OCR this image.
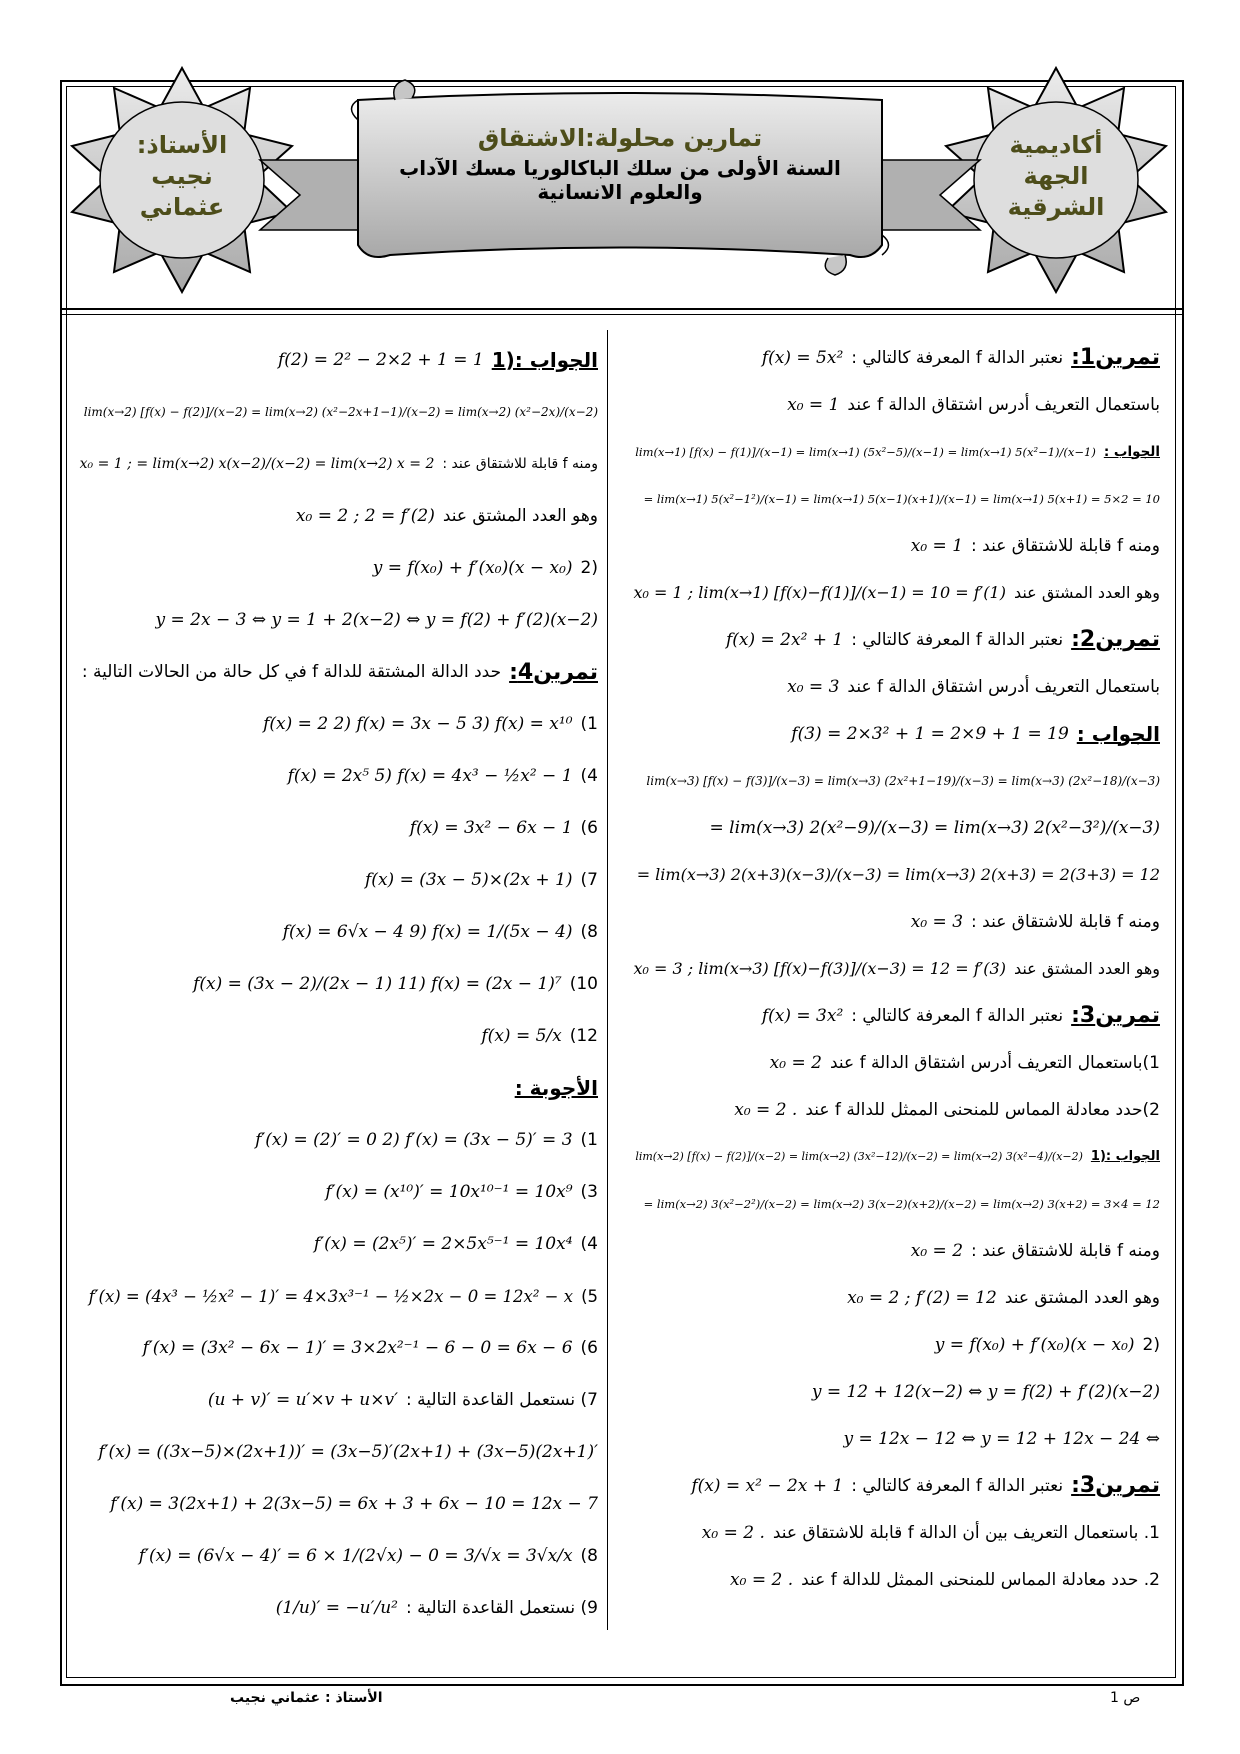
الأستاذ:
نجيب
عثماني
أكاديمية
الجهة
الشرقية
تمارين محلولة:الاشتقاق
السنة الأولى من سلك الباكالوريا مسك الآداب
والعلوم الانسانية
تمرين1:
نعتبر الدالة f المعرفة كالتالي :
f(x) = 5x²
باستعمال التعريف أدرس اشتقاق الدالة f عند
x₀ = 1
الجواب :
lim(x→1) [f(x) − f(1)]/(x−1) = lim(x→1) (5x²−5)/(x−1) = lim(x→1) 5(x²−1)/(x−1)
= lim(x→1) 5(x²−1²)/(x−1) = lim(x→1) 5(x−1)(x+1)/(x−1) = lim(x→1) 5(x+1) = 5×2 = 10
ومنه f قابلة للاشتقاق عند :
x₀ = 1
وهو العدد المشتق عند
x₀ = 1 ; lim(x→1) [f(x)−f(1)]/(x−1) = 10 = f′(1)
تمرين2:
نعتبر الدالة f المعرفة كالتالي :
f(x) = 2x² + 1
باستعمال التعريف أدرس اشتقاق الدالة f عند
x₀ = 3
الجواب :
f(3) = 2×3² + 1 = 2×9 + 1 = 19
lim(x→3) [f(x) − f(3)]/(x−3) = lim(x→3) (2x²+1−19)/(x−3) = lim(x→3) (2x²−18)/(x−3)
= lim(x→3) 2(x²−9)/(x−3) = lim(x→3) 2(x²−3²)/(x−3)
= lim(x→3) 2(x+3)(x−3)/(x−3) = lim(x→3) 2(x+3) = 2(3+3) = 12
ومنه f قابلة للاشتقاق عند :
x₀ = 3
وهو العدد المشتق عند
x₀ = 3 ; lim(x→3) [f(x)−f(3)]/(x−3) = 12 = f′(3)
تمرين3:
نعتبر الدالة f المعرفة كالتالي :
f(x) = 3x²
1)باستعمال التعريف أدرس اشتقاق الدالة f عند
x₀ = 2
2)حدد معادلة المماس للمنحنى الممثل للدالة f عند
x₀ = 2 .
الجواب :(1
lim(x→2) [f(x) − f(2)]/(x−2) = lim(x→2) (3x²−12)/(x−2) = lim(x→2) 3(x²−4)/(x−2)
= lim(x→2) 3(x²−2²)/(x−2) = lim(x→2) 3(x−2)(x+2)/(x−2) = lim(x→2) 3(x+2) = 3×4 = 12
ومنه f قابلة للاشتقاق عند :
x₀ = 2
وهو العدد المشتق عند
x₀ = 2 ; f′(2) = 12
(2
y = f(x₀) + f′(x₀)(x − x₀)
y = 12 + 12(x−2) ⇔ y = f(2) + f′(2)(x−2)
y = 12x − 12 ⇔ y = 12 + 12x − 24 ⇔
تمرين3:
نعتبر الدالة f المعرفة كالتالي :
f(x) = x² − 2x + 1
1. باستعمال التعريف بين أن الدالة f قابلة للاشتقاق عند
x₀ = 2 .
2. حدد معادلة المماس للمنحنى الممثل للدالة f عند
x₀ = 2 .
الجواب :(1
f(2) = 2² − 2×2 + 1 = 1
lim(x→2) [f(x) − f(2)]/(x−2) = lim(x→2) (x²−2x+1−1)/(x−2) = lim(x→2) (x²−2x)/(x−2)
ومنه f قابلة للاشتقاق عند :
x₀ = 1 ; = lim(x→2) x(x−2)/(x−2) = lim(x→2) x = 2
وهو العدد المشتق عند
x₀ = 2 ; 2 = f′(2)
(2
y = f(x₀) + f′(x₀)(x − x₀)
y = 2x − 3 ⇔ y = 1 + 2(x−2) ⇔ y = f(2) + f′(2)(x−2)
تمرين4:
حدد الدالة المشتقة للدالة f في كل حالة من الحالات التالية :
1)
f(x) = 2 2) f(x) = 3x − 5 3) f(x) = x¹⁰
4)
f(x) = 2x⁵ 5) f(x) = 4x³ − ½x² − 1
6)
f(x) = 3x² − 6x − 1
7)
f(x) = (3x − 5)×(2x + 1)
8)
f(x) = 6√x − 4 9) f(x) = 1/(5x − 4)
10)
f(x) = (3x − 2)/(2x − 1) 11) f(x) = (2x − 1)⁷
12)
f(x) = 5/x
الأجوبة :
1)
f′(x) = (2)′ = 0 2) f′(x) = (3x − 5)′ = 3
3)
f′(x) = (x¹⁰)′ = 10x¹⁰⁻¹ = 10x⁹
4)
f′(x) = (2x⁵)′ = 2×5x⁵⁻¹ = 10x⁴
5)
f′(x) = (4x³ − ½x² − 1)′ = 4×3x³⁻¹ − ½×2x − 0 = 12x² − x
6)
f′(x) = (3x² − 6x − 1)′ = 3×2x²⁻¹ − 6 − 0 = 6x − 6
7) نستعمل القاعدة التالية :
(u + v)′ = u′×v + u×v′
f′(x) = ((3x−5)×(2x+1))′ = (3x−5)′(2x+1) + (3x−5)(2x+1)′
f′(x) = 3(2x+1) + 2(3x−5) = 6x + 3 + 6x − 10 = 12x − 7
8)
f′(x) = (6√x − 4)′ = 6 × 1/(2√x) − 0 = 3/√x = 3√x/x
9) نستعمل القاعدة التالية :
(1/u)′ = −u′/u²
ص 1
الأستاذ : عثماني نجيب
